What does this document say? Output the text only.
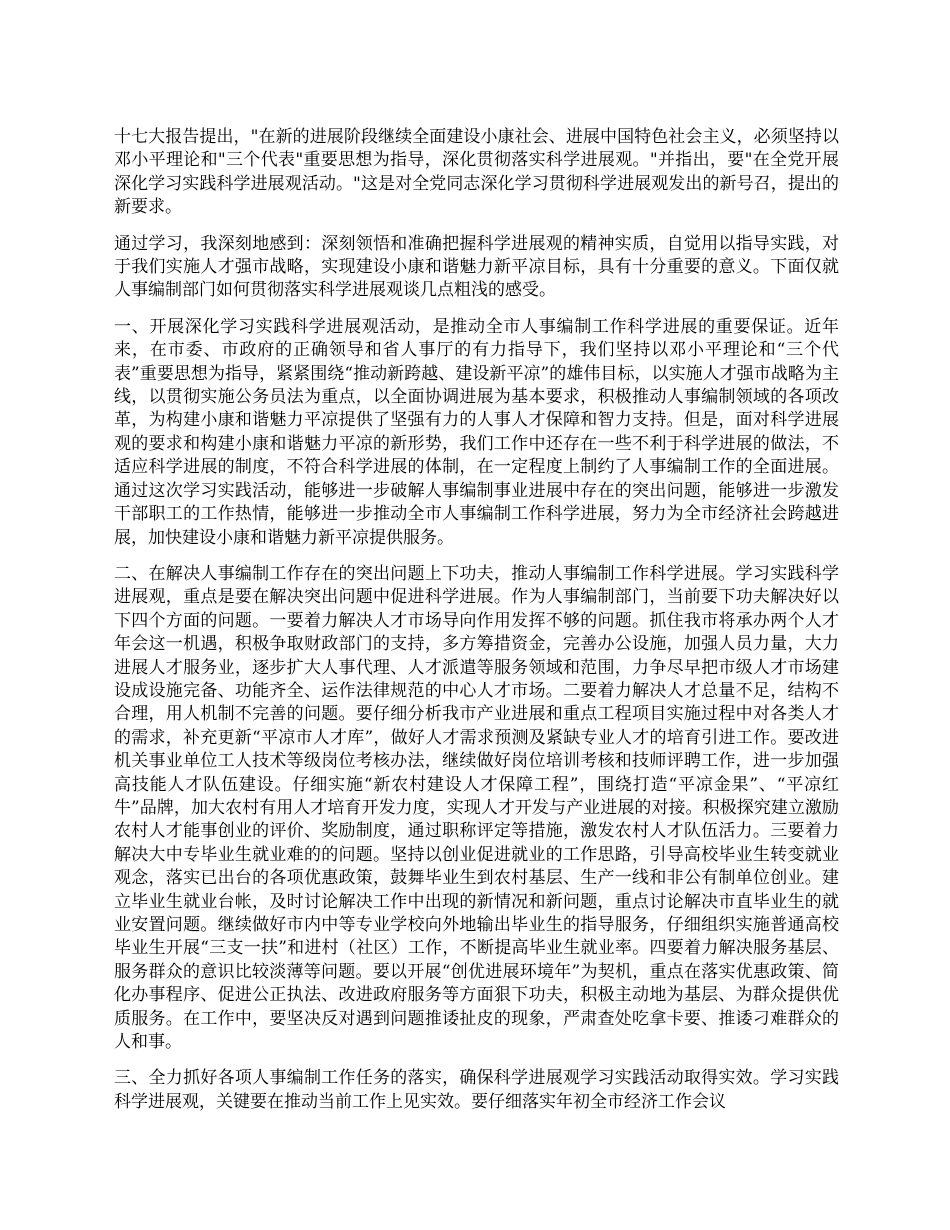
十七大报告提出，"在新的进展阶段继续全面建设小康社会、进展中国特色社会主义，必须坚持以邓小平理论和"三个代表"重要思想为指导，深化贯彻落实科学进展观。"并指出，要"在全党开展深化学习实践科学进展观活动。"这是对全党同志深化学习贯彻科学进展观发出的新号召，提出的新要求。

通过学习，我深刻地感到：深刻领悟和准确把握科学进展观的精神实质，自觉用以指导实践，对于我们实施人才强市战略，实现建设小康和谐魅力新平凉目标，具有十分重要的意义。下面仅就人事编制部门如何贯彻落实科学进展观谈几点粗浅的感受。

一、开展深化学习实践科学进展观活动，是推动全市人事编制工作科学进展的重要保证。近年来，在市委、市政府的正确领导和省人事厅的有力指导下，我们坚持以邓小平理论和“三个代表”重要思想为指导，紧紧围绕“推动新跨越、建设新平凉”的雄伟目标，以实施人才强市战略为主线，以贯彻实施公务员法为重点，以全面协调进展为基本要求，积极推动人事编制领域的各项改革，为构建小康和谐魅力平凉提供了坚强有力的人事人才保障和智力支持。但是，面对科学进展观的要求和构建小康和谐魅力平凉的新形势，我们工作中还存在一些不利于科学进展的做法，不适应科学进展的制度，不符合科学进展的体制，在一定程度上制约了人事编制工作的全面进展。通过这次学习实践活动，能够进一步破解人事编制事业进展中存在的突出问题，能够进一步激发干部职工的工作热情，能够进一步推动全市人事编制工作科学进展，努力为全市经济社会跨越进展，加快建设小康和谐魅力新平凉提供服务。

二、在解决人事编制工作存在的突出问题上下功夫，推动人事编制工作科学进展。学习实践科学进展观，重点是要在解决突出问题中促进科学进展。作为人事编制部门，当前要下功夫解决好以下四个方面的问题。一要着力解决人才市场导向作用发挥不够的问题。抓住我市将承办两个人才年会这一机遇，积极争取财政部门的支持，多方筹措资金，完善办公设施，加强人员力量，大力进展人才服务业，逐步扩大人事代理、人才派遣等服务领域和范围，力争尽早把市级人才市场建设成设施完备、功能齐全、运作法律规范的中心人才市场。二要着力解决人才总量不足，结构不合理，用人机制不完善的问题。要仔细分析我市产业进展和重点工程项目实施过程中对各类人才的需求，补充更新“平凉市人才库”，做好人才需求预测及紧缺专业人才的培育引进工作。要改进机关事业单位工人技术等级岗位考核办法，继续做好岗位培训考核和技师评聘工作，进一步加强高技能人才队伍建设。仔细实施“新农村建设人才保障工程”，围绕打造“平凉金果”、“平凉红牛”品牌，加大农村有用人才培育开发力度，实现人才开发与产业进展的对接。积极探究建立激励农村人才能事创业的评价、奖励制度，通过职称评定等措施，激发农村人才队伍活力。三要着力解决大中专毕业生就业难的的问题。坚持以创业促进就业的工作思路，引导高校毕业生转变就业观念，落实已出台的各项优惠政策，鼓舞毕业生到农村基层、生产一线和非公有制单位创业。建立毕业生就业台帐，及时讨论解决工作中出现的新情况和新问题，重点讨论解决市直毕业生的就业安置问题。继续做好市内中等专业学校向外地输出毕业生的指导服务，仔细组织实施普通高校毕业生开展“三支一扶”和进村（社区）工作，不断提高毕业生就业率。四要着力解决服务基层、服务群众的意识比较淡薄等问题。要以开展“创优进展环境年”为契机，重点在落实优惠政策、简化办事程序、促进公正执法、改进政府服务等方面狠下功夫，积极主动地为基层、为群众提供优质服务。在工作中，要坚决反对遇到问题推诿扯皮的现象，严肃查处吃拿卡要、推诿刁难群众的人和事。

三、全力抓好各项人事编制工作任务的落实，确保科学进展观学习实践活动取得实效。学习实践科学进展观，关键要在推动当前工作上见实效。要仔细落实年初全市经济工作会议
